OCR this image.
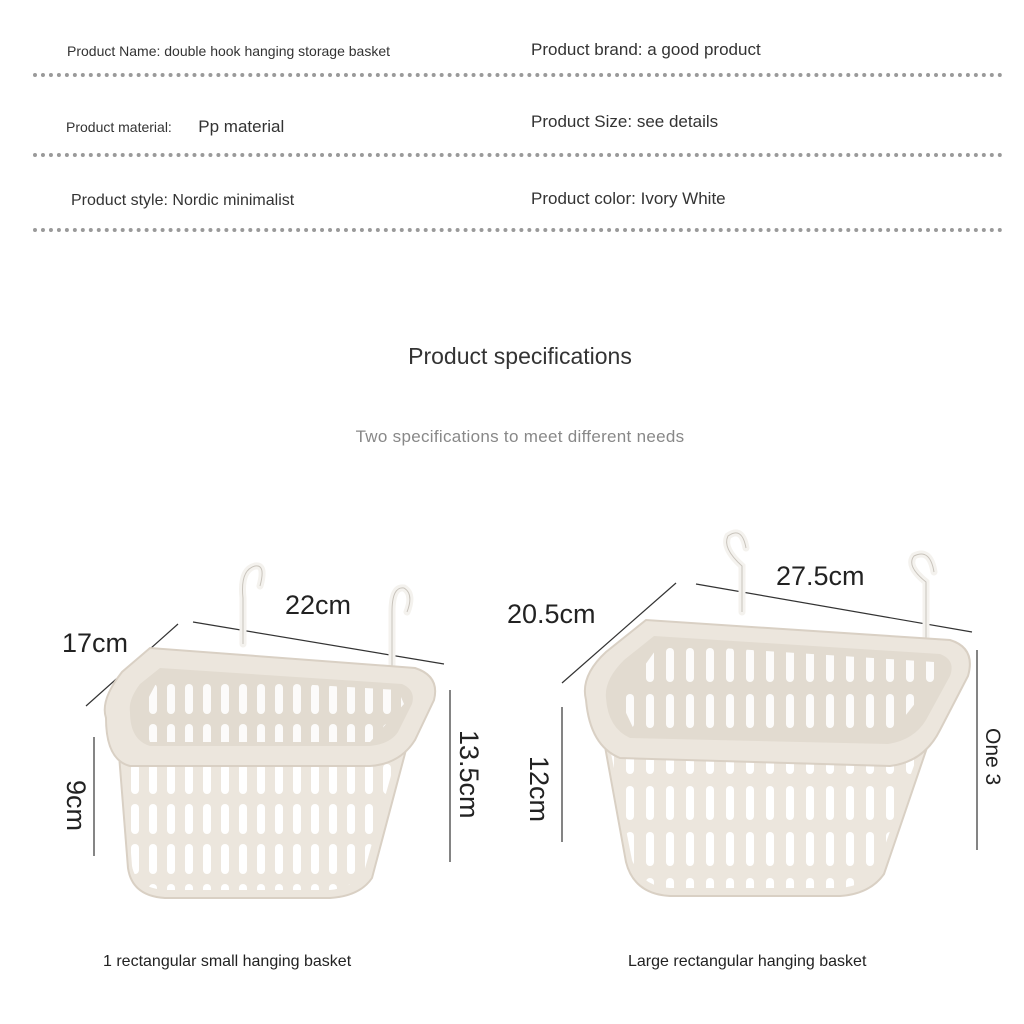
Product Name: double hook hanging storage basket	Product brand: a good product
Product material: Pp material	Product Size: see details
Product style: Nordic minimalist	Product color: Ivory White
Product specifications
Two specifications to meet different needs
22cm
17cm
9cm	13.5cm
27.5cm
20.5cm
12cm	One 3
1 rectangular small hanging basket	Large rectangular hanging basket
